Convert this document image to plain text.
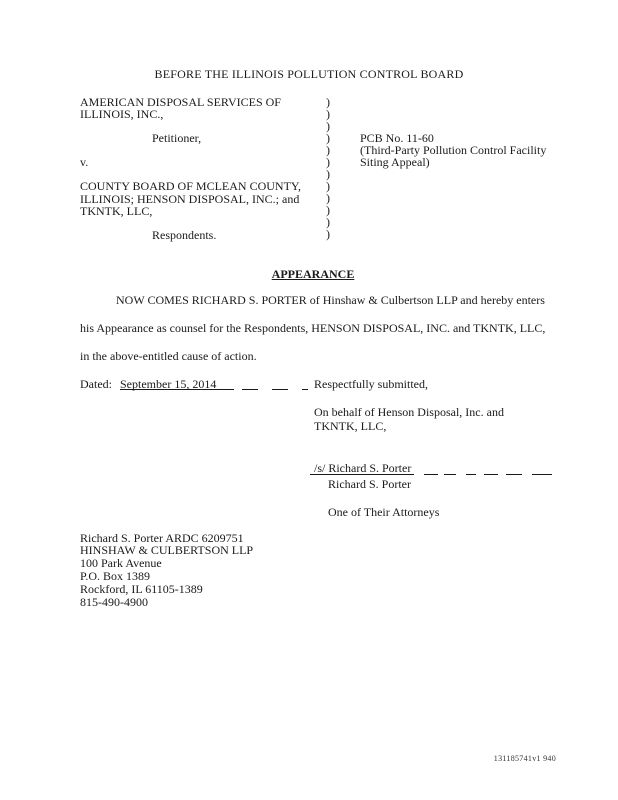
BEFORE THE ILLINOIS POLLUTION CONTROL BOARD
AMERICAN DISPOSAL SERVICES OF
ILLINOIS, INC.,
Petitioner,
v.
COUNTY BOARD OF MCLEAN COUNTY,
ILLINOIS; HENSON DISPOSAL, INC.; and
TKNTK, LLC,
Respondents.
)
)
)
)
)
)
)
)
)
)
)
)
PCB No. 11-60
(Third-Party Pollution Control Facility
Siting Appeal)
APPEARANCE
NOW COMES RICHARD S. PORTER of Hinshaw & Culbertson LLP and hereby enters
his Appearance as counsel for the Respondents, HENSON DISPOSAL, INC. and TKNTK, LLC,
in the above-entitled cause of action.
Dated: September 15, 2014	Respectfully submitted,
On behalf of Henson Disposal, Inc. and
TKNTK, LLC,
/s/ Richard S. Porter
Richard S. Porter
One of Their Attorneys
Richard S. Porter ARDC 6209751
HINSHAW & CULBERTSON LLP
100 Park Avenue
P.O. Box 1389
Rockford, IL 61105-1389
815-490-4900
131185741v1 940
